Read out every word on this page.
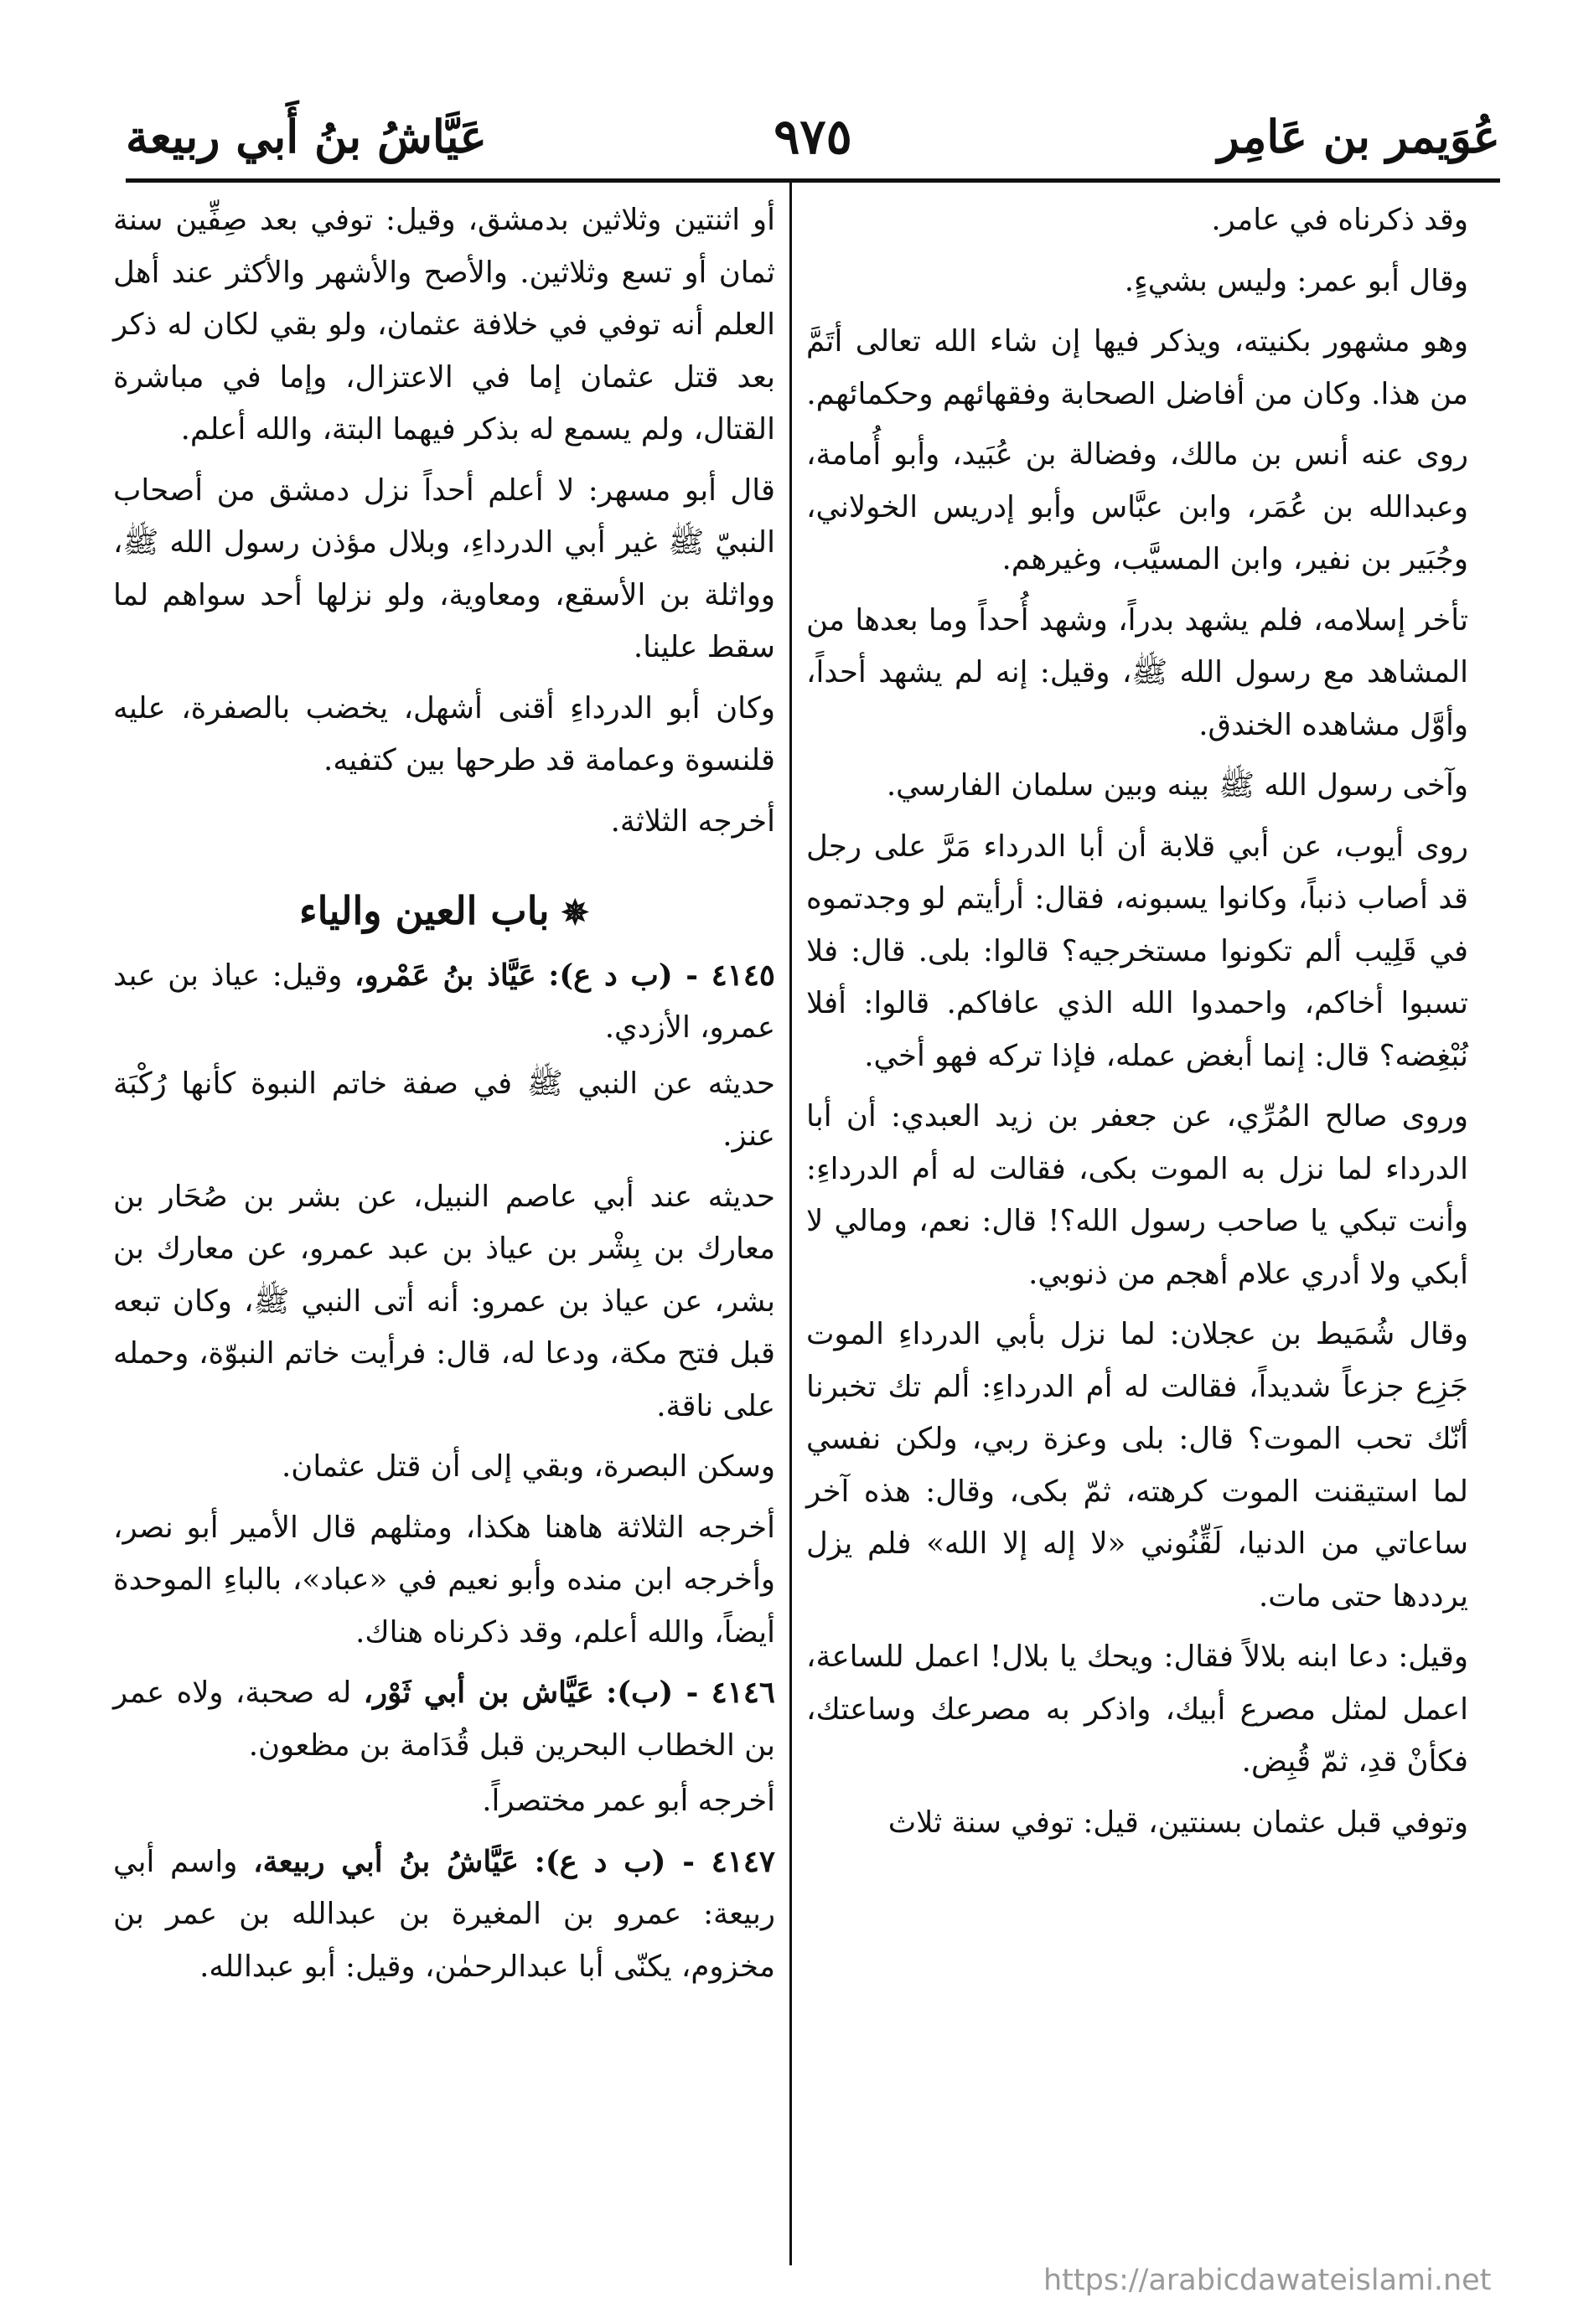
عُوَيمر بن عَامِر
٩٧٥
عَيَّاشُ بنُ أَبي ربيعة

وقد ذكرناه في عامر.

وقال أبو عمر: وليس بشيءٍ.

وهو مشهور بكنيته، ويذكر فيها إن شاء الله تعالى أتَمَّ من هذا. وكان من أفاضل الصحابة وفقهائهم وحكمائهم.

روى عنه أنس بن مالك، وفضالة بن عُبَيد، وأبو أُمامة، وعبدالله بن عُمَر، وابن عبَّاس وأبو إدريس الخولاني، وجُبَير بن نفير، وابن المسيَّب، وغيرهم.

تأخر إسلامه، فلم يشهد بدراً، وشهد أُحداً وما بعدها من المشاهد مع رسول الله ﷺ، وقيل: إنه لم يشهد أحداً، وأوَّل مشاهده الخندق.

وآخى رسول الله ﷺ بينه وبين سلمان الفارسي.

روى أيوب، عن أبي قلابة أن أبا الدرداء مَرَّ على رجل قد أصاب ذنباً، وكانوا يسبونه، فقال: أرأيتم لو وجدتموه في قَلِيب ألم تكونوا مستخرجيه؟ قالوا: بلى. قال: فلا تسبوا أخاكم، واحمدوا الله الذي عافاكم. قالوا: أفلا نُبْغِضه؟ قال: إنما أبغض عمله، فإذا تركه فهو أخي.

وروى صالح المُرِّي، عن جعفر بن زيد العبدي: أن أبا الدرداء لما نزل به الموت بكى، فقالت له أم الدرداءِ: وأنت تبكي يا صاحب رسول الله؟! قال: نعم، ومالي لا أبكي ولا أدري علام أهجم من ذنوبي.

وقال شُمَيط بن عجلان: لما نزل بأبي الدرداءِ الموت جَزِع جزعاً شديداً، فقالت له أم الدرداءِ: ألم تك تخبرنا أنّك تحب الموت؟ قال: بلى وعزة ربي، ولكن نفسي لما استيقنت الموت كرهته، ثمّ بكى، وقال: هذه آخر ساعاتي من الدنيا، لَقِّنُوني «لا إله إلا الله» فلم يزل يرددها حتى مات.

وقيل: دعا ابنه بلالاً فقال: ويحك يا بلال! اعمل للساعة، اعمل لمثل مصرع أبيك، واذكر به مصرعك وساعتك، فكأنْ قدِ، ثمّ قُبِض.

وتوفي قبل عثمان بسنتين، قيل: توفي سنة ثلاث

أو اثنتين وثلاثين بدمشق، وقيل: توفي بعد صِفِّين سنة ثمان أو تسع وثلاثين. والأصح والأشهر والأكثر عند أهل العلم أنه توفي في خلافة عثمان، ولو بقي لكان له ذكر بعد قتل عثمان إما في الاعتزال، وإما في مباشرة القتال، ولم يسمع له بذكر فيهما البتة، والله أعلم.

قال أبو مسهر: لا أعلم أحداً نزل دمشق من أصحاب النبيّ ﷺ غير أبي الدرداءِ، وبلال مؤذن رسول الله ﷺ، وواثلة بن الأسقع، ومعاوية، ولو نزلها أحد سواهم لما سقط علينا.

وكان أبو الدرداءِ أقنى أشهل، يخضب بالصفرة، عليه قلنسوة وعمامة قد طرحها بين كتفيه.

أخرجه الثلاثة.

✵باب العين والياء

٤١٤٥ - (ب د ع): عَيَّاذ بنُ عَمْرو، وقيل: عياذ بن عبد عمرو، الأزدي.

حديثه عن النبي ﷺ في صفة خاتم النبوة كأنها رُكْبَة عنز.

حديثه عند أبي عاصم النبيل، عن بشر بن صُحَار بن معارك بن بِشْر بن عياذ بن عبد عمرو، عن معارك بن بشر، عن عياذ بن عمرو: أنه أتى النبي ﷺ، وكان تبعه قبل فتح مكة، ودعا له، قال: فرأيت خاتم النبوّة، وحمله على ناقة.

وسكن البصرة، وبقي إلى أن قتل عثمان.

أخرجه الثلاثة هاهنا هكذا، ومثلهم قال الأمير أبو نصر، وأخرجه ابن منده وأبو نعيم في «عباد»، بالباءِ الموحدة أيضاً، والله أعلم، وقد ذكرناه هناك.

٤١٤٦ - (ب): عَيَّاش بن أبي ثَوْر، له صحبة، ولاه عمر بن الخطاب البحرين قبل قُدَامة بن مظعون.

أخرجه أبو عمر مختصراً.

٤١٤٧ - (ب د ع): عَيَّاشُ بنُ أبي ربيعة، واسم أبي ربيعة: عمرو بن المغيرة بن عبدالله بن عمر بن مخزوم، يكنّى أبا عبدالرحمٰن، وقيل: أبو عبدالله.

https://arabicdawateislami.net
